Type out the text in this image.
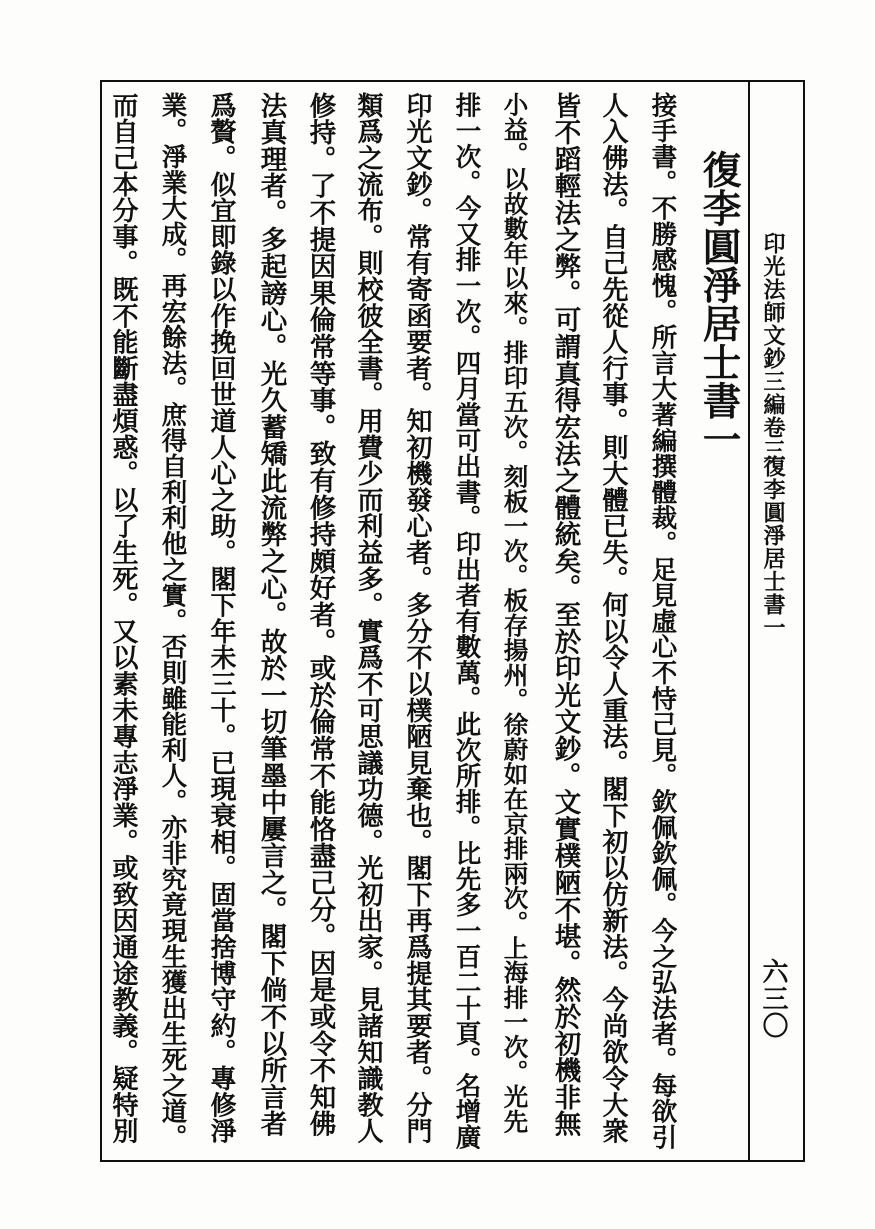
印光法師文鈔三編卷三
復李圓淨居士書一
六三〇
復李圓淨居士書一
接手書。不勝感愧。所言大著編撰體裁。足見虛心不恃己見。欽佩欽佩。今之弘法者。每欲引
人入佛法。自己先從人行事。則大體已失。何以令人重法。閣下初以仿新法。今尚欲令大衆
皆不蹈輕法之弊。可謂真得宏法之體統矣。至於印光文鈔。文實樸陋不堪。然於初機非無
小益。以故數年以來。排印五次。刻板一次。板存揚州。徐蔚如在京排兩次。上海排一次。光先
排一次。今又排一次。四月當可出書。印出者有數萬。此次所排。比先多一百二十頁。名增廣
印光文鈔。常有寄函要者。知初機發心者。多分不以樸陋見棄也。閣下再爲提其要者。分門
類爲之流布。則校彼全書。用費少而利益多。實爲不可思議功德。光初出家。見諸知識教人
修持。了不提因果倫常等事。致有修持頗好者。或於倫常不能恪盡己分。因是或令不知佛
法真理者。多起謗心。光久蓄矯此流弊之心。故於一切筆墨中屢言之。閣下倘不以所言者
爲贅。似宜即錄以作挽回世道人心之助。閣下年未三十。已現衰相。固當捨博守約。專修淨
業。淨業大成。再宏餘法。庶得自利利他之實。否則雖能利人。亦非究竟現生獲出生死之道。
而自己本分事。既不能斷盡煩惑。以了生死。又以素未專志淨業。或致因通途教義。疑特別
